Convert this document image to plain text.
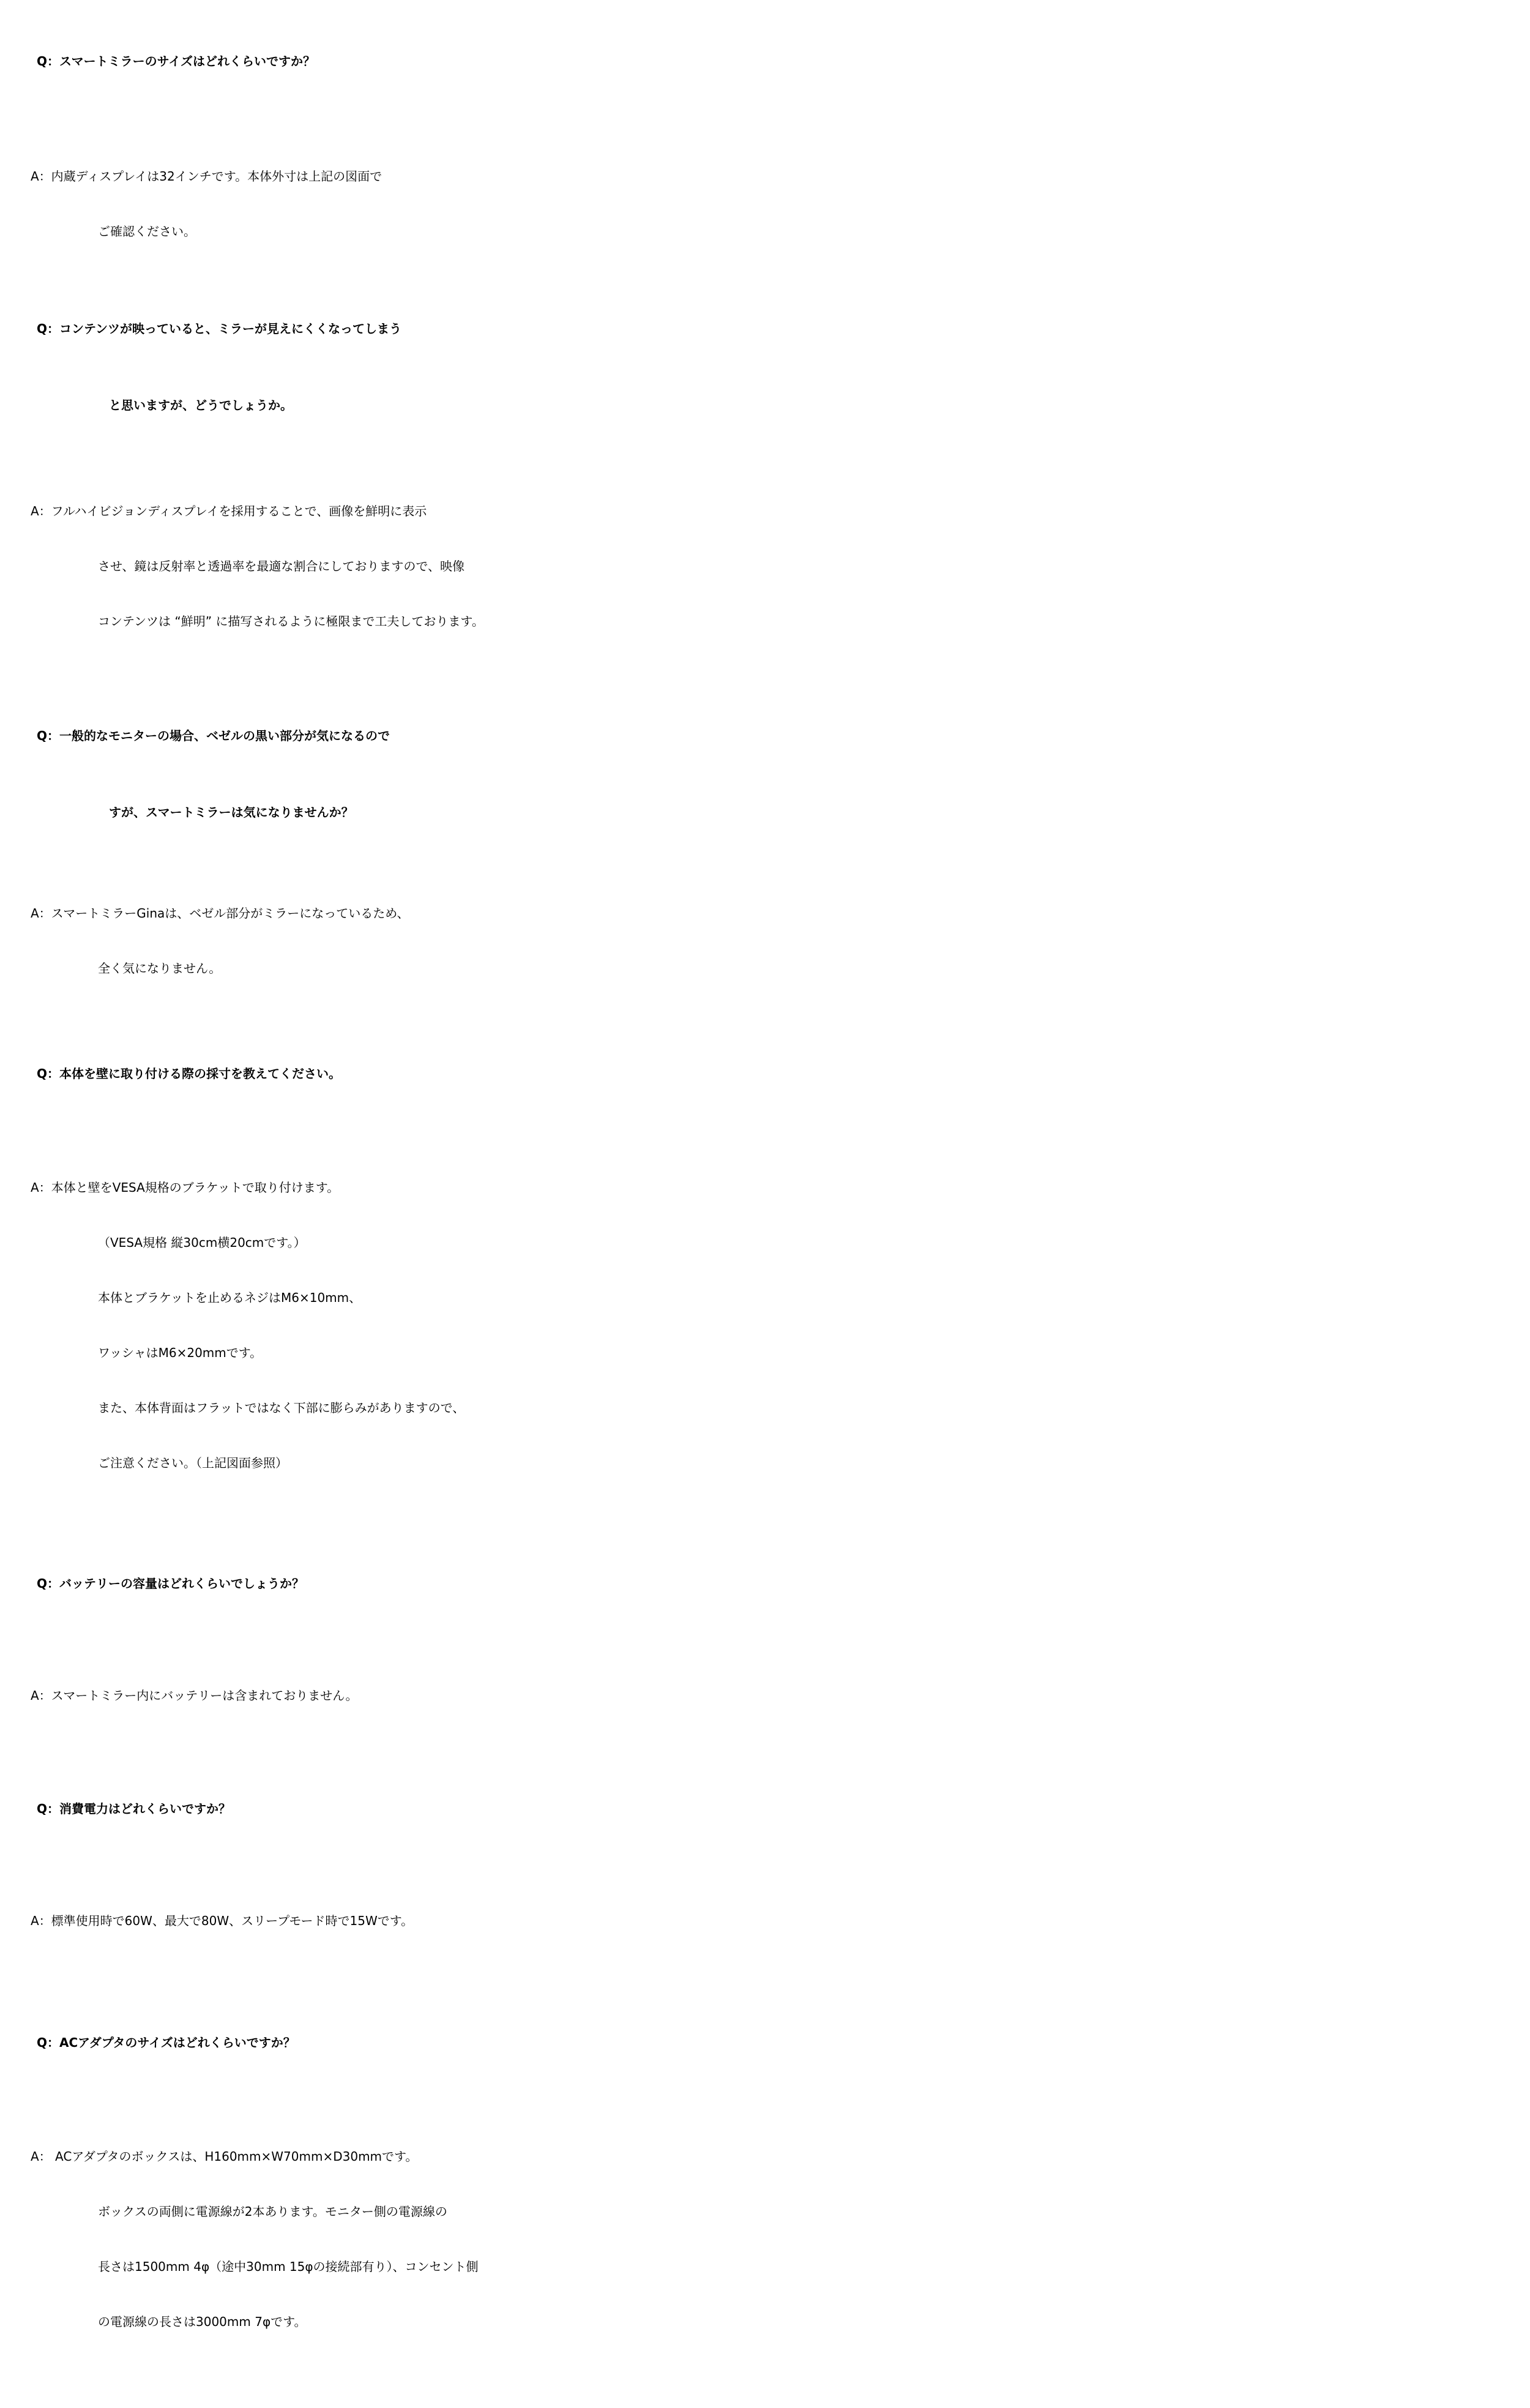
Q：スマートミラーのサイズはどれくらいですか？
A：内蔵ディスプレイは32インチです。本体外寸は上記の図面で
ご確認ください。
Q：コンテンツが映っていると、ミラーが見えにくくなってしまう
と思いますが、どうでしょうか。
A：フルハイビジョンディスプレイを採用することで、画像を鮮明に表示
させ、鏡は反射率と透過率を最適な割合にしておりますので、映像
コンテンツは “鮮明” に描写されるように極限まで工夫しております。
Q：一般的なモニターの場合、ベゼルの黒い部分が気になるので
すが、スマートミラーは気になりませんか？
A：スマートミラーGinaは、ベゼル部分がミラーになっているため、
全く気になりません。
Q：本体を壁に取り付ける際の採寸を教えてください。
A：本体と壁をVESA規格のブラケットで取り付けます。
（VESA規格 縦30cm横20cmです。）
本体とブラケットを止めるネジはM6×10mm、
ワッシャはM6×20mmです。
また、本体背面はフラットではなく下部に膨らみがありますので、
ご注意ください。（上記図面参照）
Q：バッテリーの容量はどれくらいでしょうか？
A：スマートミラー内にバッテリーは含まれておりません。
Q：消費電力はどれくらいですか？
A：標準使用時で60W、最大で80W、スリープモード時で15Wです。
Q：ACアダプタのサイズはどれくらいですか？
A： ACアダプタのボックスは、H160mm×W70mm×D30mmです。
ボックスの両側に電源線が2本あります。モニター側の電源線の
長さは1500mm 4φ（途中30mm 15φの接続部有り）、コンセント側
の電源線の長さは3000mm 7φです。
